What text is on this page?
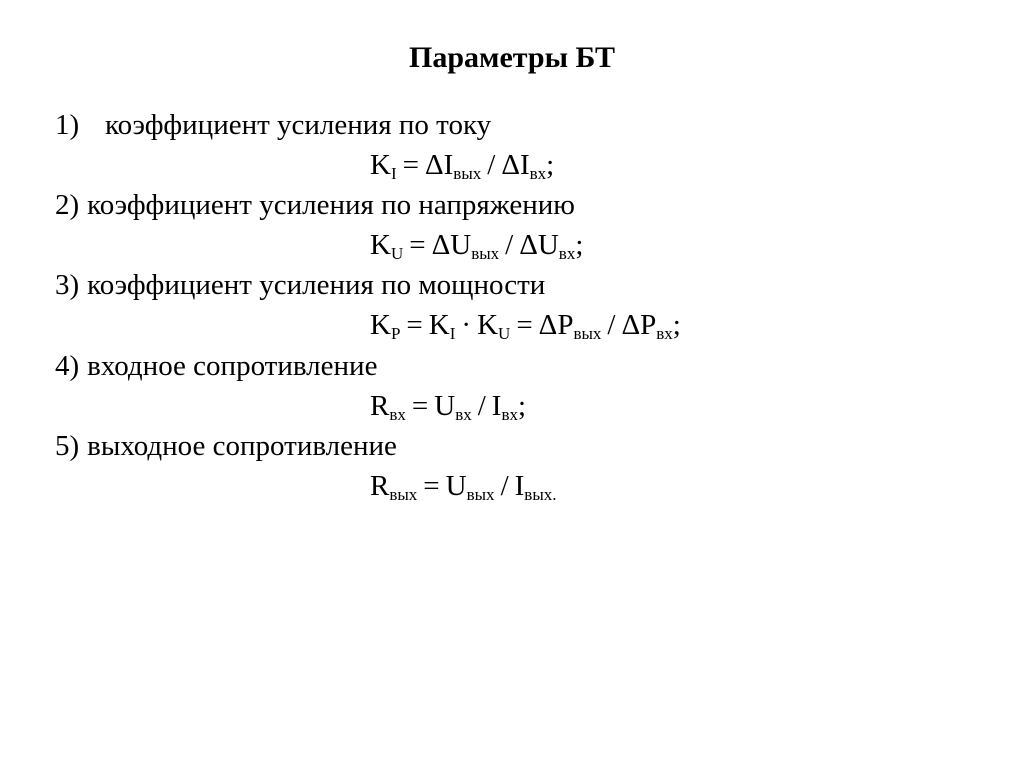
Параметры БТ
1) коэффициент усиления по току
$K_I = \Delta I_{вых} / \Delta I_{вх}$;
2) коэффициент усиления по напряжению
$K_U = \Delta U_{вых} / \Delta U_{вх}$;
3) коэффициент усиления по мощности
$K_P = K_I \cdot K_U = \Delta P_{вых} / \Delta P_{вх}$;
4) входное сопротивление
$R_{вх} = U_{вх} / I_{вх}$;
5) выходное сопротивление
$R_{вых} = U_{вых} / I_{вых.}$
